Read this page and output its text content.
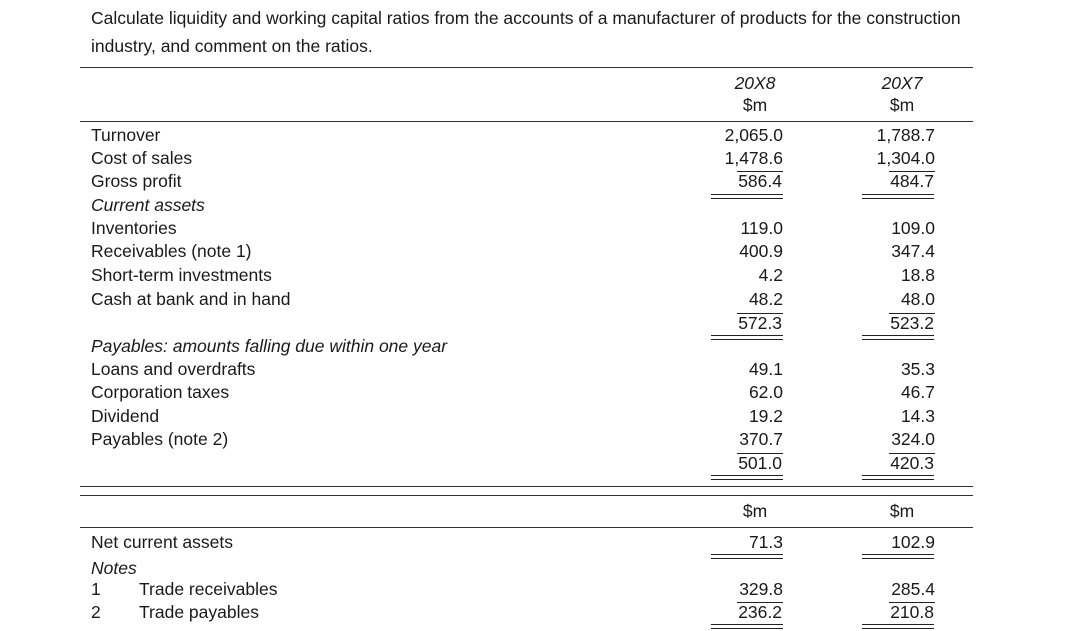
Calculate liquidity and working capital ratios from the accounts of a manufacturer of products for the construction industry, and comment on the ratios.

20X8	20X7
$m	$m
Turnover	2,065.0	1,788.7
Cost of sales	1,478.6	1,304.0
Gross profit	586.4	484.7
Current assets
Inventories	119.0	109.0
Receivables (note 1)	400.9	347.4
Short-term investments	4.2	18.8
Cash at bank and in hand	48.2	48.0
572.3	523.2
Payables: amounts falling due within one year
Loans and overdrafts	49.1	35.3
Corporation taxes	62.0	46.7
Dividend	19.2	14.3
Payables (note 2)	370.7	324.0
501.0	420.3
$m	$m
Net current assets	71.3	102.9
Notes
1 Trade receivables	329.8	285.4
2 Trade payables	236.2	210.8
